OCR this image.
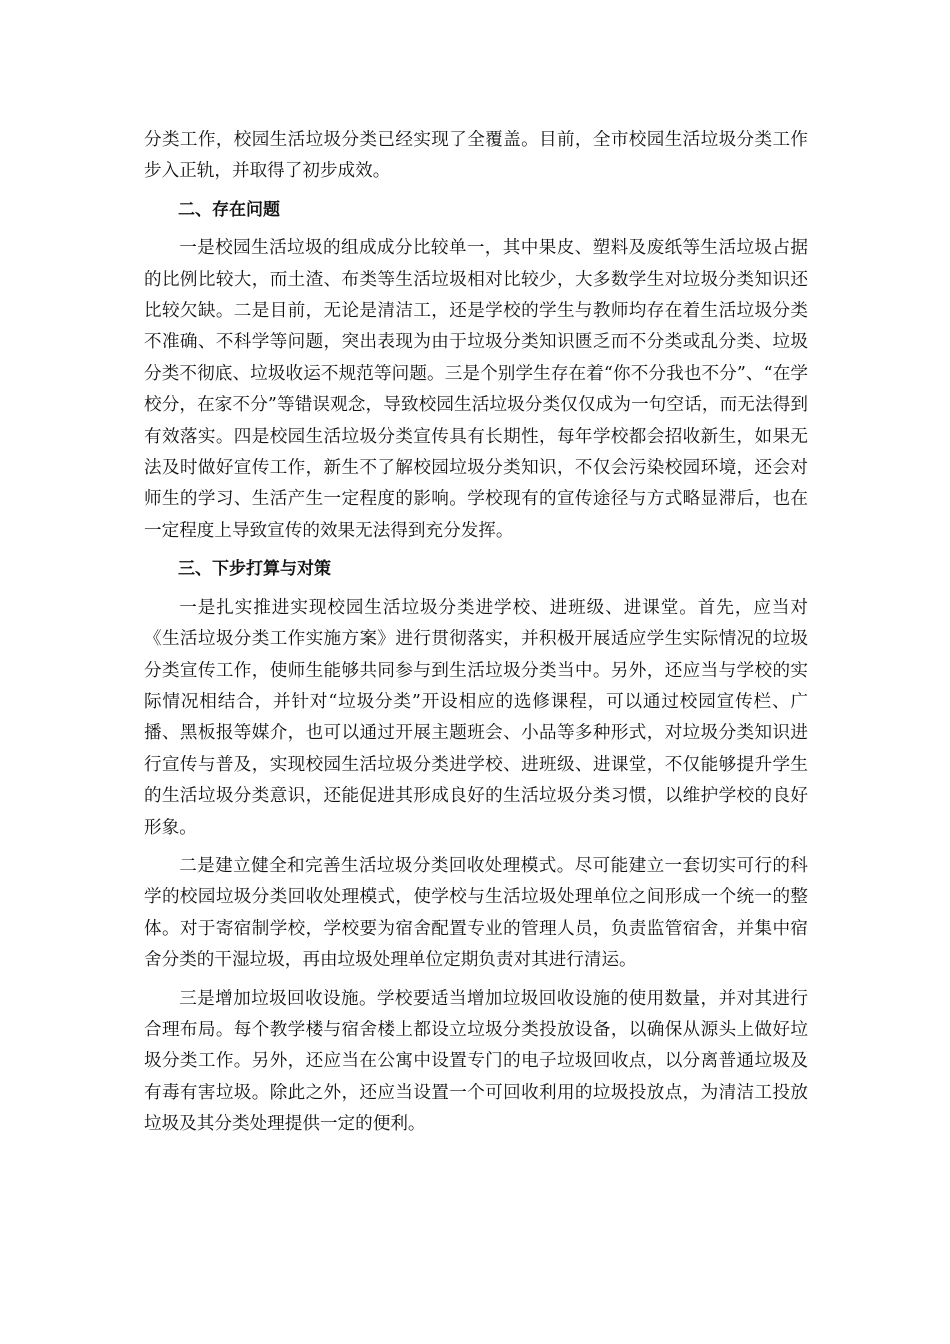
分类工作，校园生活垃圾分类已经实现了全覆盖。目前，全市校园生活垃圾分类工作步入正轨，并取得了初步成效。

二、存在问题

一是校园生活垃圾的组成成分比较单一，其中果皮、塑料及废纸等生活垃圾占据的比例比较大，而土渣、布类等生活垃圾相对比较少，大多数学生对垃圾分类知识还比较欠缺。二是目前，无论是清洁工，还是学校的学生与教师均存在着生活垃圾分类不准确、不科学等问题，突出表现为由于垃圾分类知识匮乏而不分类或乱分类、垃圾分类不彻底、垃圾收运不规范等问题。三是个别学生存在着“你不分我也不分”、“在学校分，在家不分”等错误观念，导致校园生活垃圾分类仅仅成为一句空话，而无法得到有效落实。四是校园生活垃圾分类宣传具有长期性，每年学校都会招收新生，如果无法及时做好宣传工作，新生不了解校园垃圾分类知识，不仅会污染校园环境，还会对师生的学习、生活产生一定程度的影响。学校现有的宣传途径与方式略显滞后，也在一定程度上导致宣传的效果无法得到充分发挥。

三、下步打算与对策

一是扎实推进实现校园生活垃圾分类进学校、进班级、进课堂。首先，应当对《生活垃圾分类工作实施方案》进行贯彻落实，并积极开展适应学生实际情况的垃圾分类宣传工作，使师生能够共同参与到生活垃圾分类当中。另外，还应当与学校的实际情况相结合，并针对“垃圾分类”开设相应的选修课程，可以通过校园宣传栏、广播、黑板报等媒介，也可以通过开展主题班会、小品等多种形式，对垃圾分类知识进行宣传与普及，实现校园生活垃圾分类进学校、进班级、进课堂，不仅能够提升学生的生活垃圾分类意识，还能促进其形成良好的生活垃圾分类习惯，以维护学校的良好形象。

二是建立健全和完善生活垃圾分类回收处理模式。尽可能建立一套切实可行的科学的校园垃圾分类回收处理模式，使学校与生活垃圾处理单位之间形成一个统一的整体。对于寄宿制学校，学校要为宿舍配置专业的管理人员，负责监管宿舍，并集中宿舍分类的干湿垃圾，再由垃圾处理单位定期负责对其进行清运。

三是增加垃圾回收设施。学校要适当增加垃圾回收设施的使用数量，并对其进行合理布局。每个教学楼与宿舍楼上都设立垃圾分类投放设备，以确保从源头上做好垃圾分类工作。另外，还应当在公寓中设置专门的电子垃圾回收点，以分离普通垃圾及有毒有害垃圾。除此之外，还应当设置一个可回收利用的垃圾投放点，为清洁工投放垃圾及其分类处理提供一定的便利。
